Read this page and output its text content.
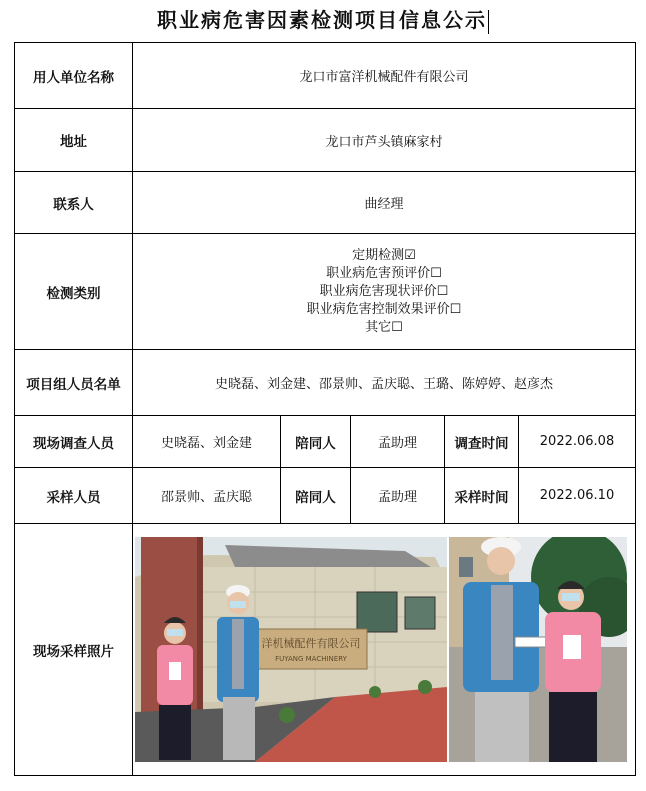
职业病危害因素检测项目信息公示
用人单位名称	龙口市富洋机械配件有限公司				
地址	龙口市芦头镇麻家村				
联系人	曲经理				
检测类别	定期检测☑
职业病危害预评价☐
职业病危害现状评价☐
职业病危害控制效果评价☐
其它☐				

项目组人员名单	史晓磊、刘金建、邵景帅、孟庆聪、王璐、陈婷婷、赵彦杰				
现场调查人员	史晓磊、刘金建	陪同人	孟助理	调查时间	2022.06.08
采样人员	邵景帅、孟庆聪	陪同人	孟助理	采样时间	2022.06.10
现场采样照片	洋机械配件有限公司
FUYANG MACHINERY				
